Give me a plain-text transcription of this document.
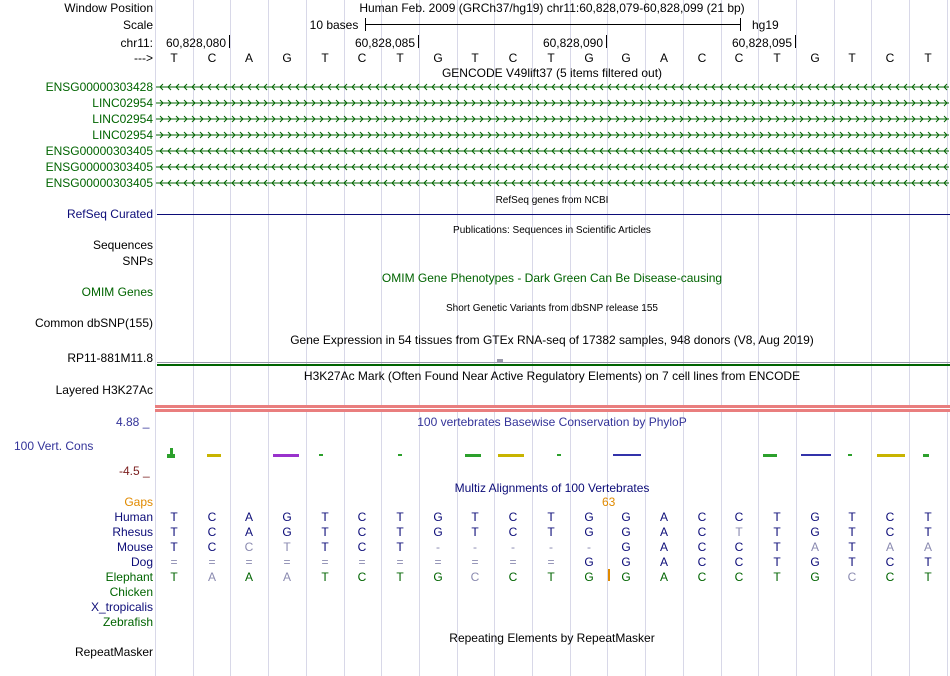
Window Position	Human Feb. 2009 (GRCh37/hg19) chr11:60,828,079-60,828,099 (21 bp)
Scale	10 bases	hg19
chr11: 60,828,080	60,828,085	60,828,090	60,828,095
---> T C A G T C	T G T C	T G G A C C	T G T C	T
GENCODE V49lift37 (5 items filtered out)
ENSG00000303428
LINC02954
LINC02954
LINC02954
ENSG00000303405
ENSG00000303405
ENSG00000303405
RefSeq genes from NCBI
RefSeq Curated
Publications: Sequences in Scientific Articles
Sequences
SNPs
OMIM Gene Phenotypes - Dark Green Can Be Disease-causing
OMIM Genes
Short Genetic Variants from dbSNP release 155
Common dbSNP(155)
Gene Expression in 54 tissues from GTEx RNA-seq of 17382 samples, 948 donors (V8, Aug 2019)
RP11-881M11.8
H3K27Ac Mark (Often Found Near Active Regulatory Elements) on 7 cell lines from ENCODE
Layered H3K27Ac
100 vertebrates Basewise Conservation by PhyloP
4.88 _
100 Vert. Cons
-4.5 _
Multiz Alignments of 100 Vertebrates
Gaps	63
Human T C A G T C	T G T C	T G G A C C	T G T C	T
Rhesus T C A G T C	T G T C	T G G A C T	T G T C	T
Mouse T C C	T	T C	T	-	-	-	-	-	G A C C	T	A T	A A
Dog =	= =	=	= =	=	= =	=	= G G A C C	T G T C	T
Elephant T	A A A	T C	T G C C	T G G A C C	T G C C	T
Chicken
X_tropicalis
Zebrafish
Repeating Elements by RepeatMasker
RepeatMasker
